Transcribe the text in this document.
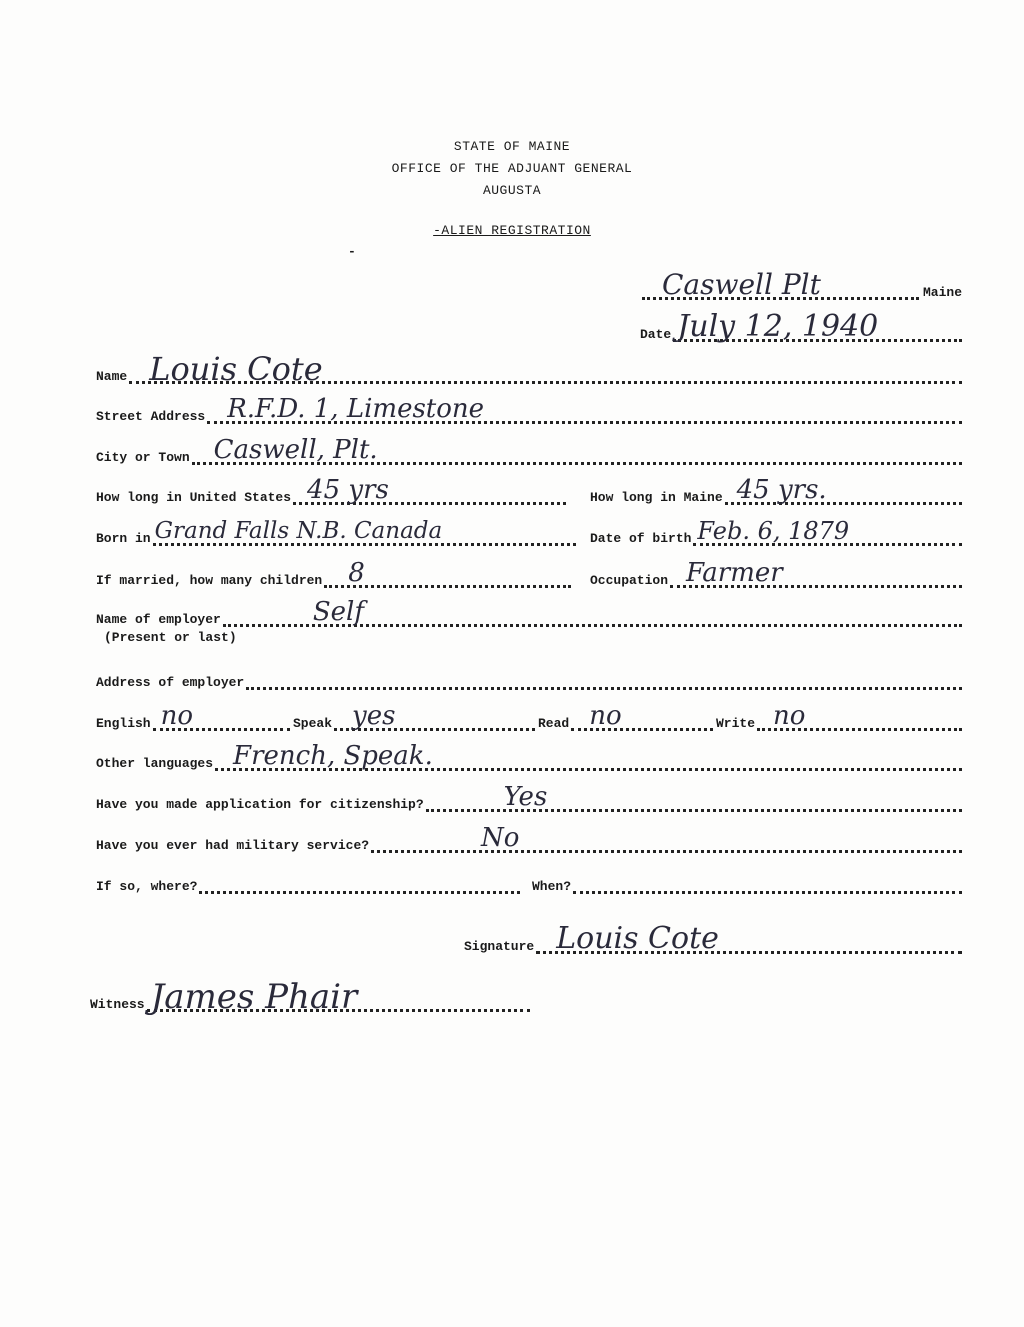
STATE OF MAINE
OFFICE OF THE ADJUANT GENERAL
AUGUSTA
-ALIEN REGISTRATION
-
Caswell Plt	Maine
Date July 12, 1940
Name Louis Cote
Street Address R.F.D. 1, Limestone
City or Town Caswell, Plt.
How long in United States 45 yrs	How long in Maine 45 yrs.
Born in Grand Falls N.B. Canada	Date of birth Feb. 6, 1879
If married, how many children 8	Occupation Farmer
Name of employer	Self
(Present or last)
Address of employer
English no	Speak yes	Read no	Write no
Other languages French, Speak.
Have you made application for citizenship?	Yes
Have you ever had military service?	No
If so, where?	When?
Signature Louis Cote
Witness James Phair
